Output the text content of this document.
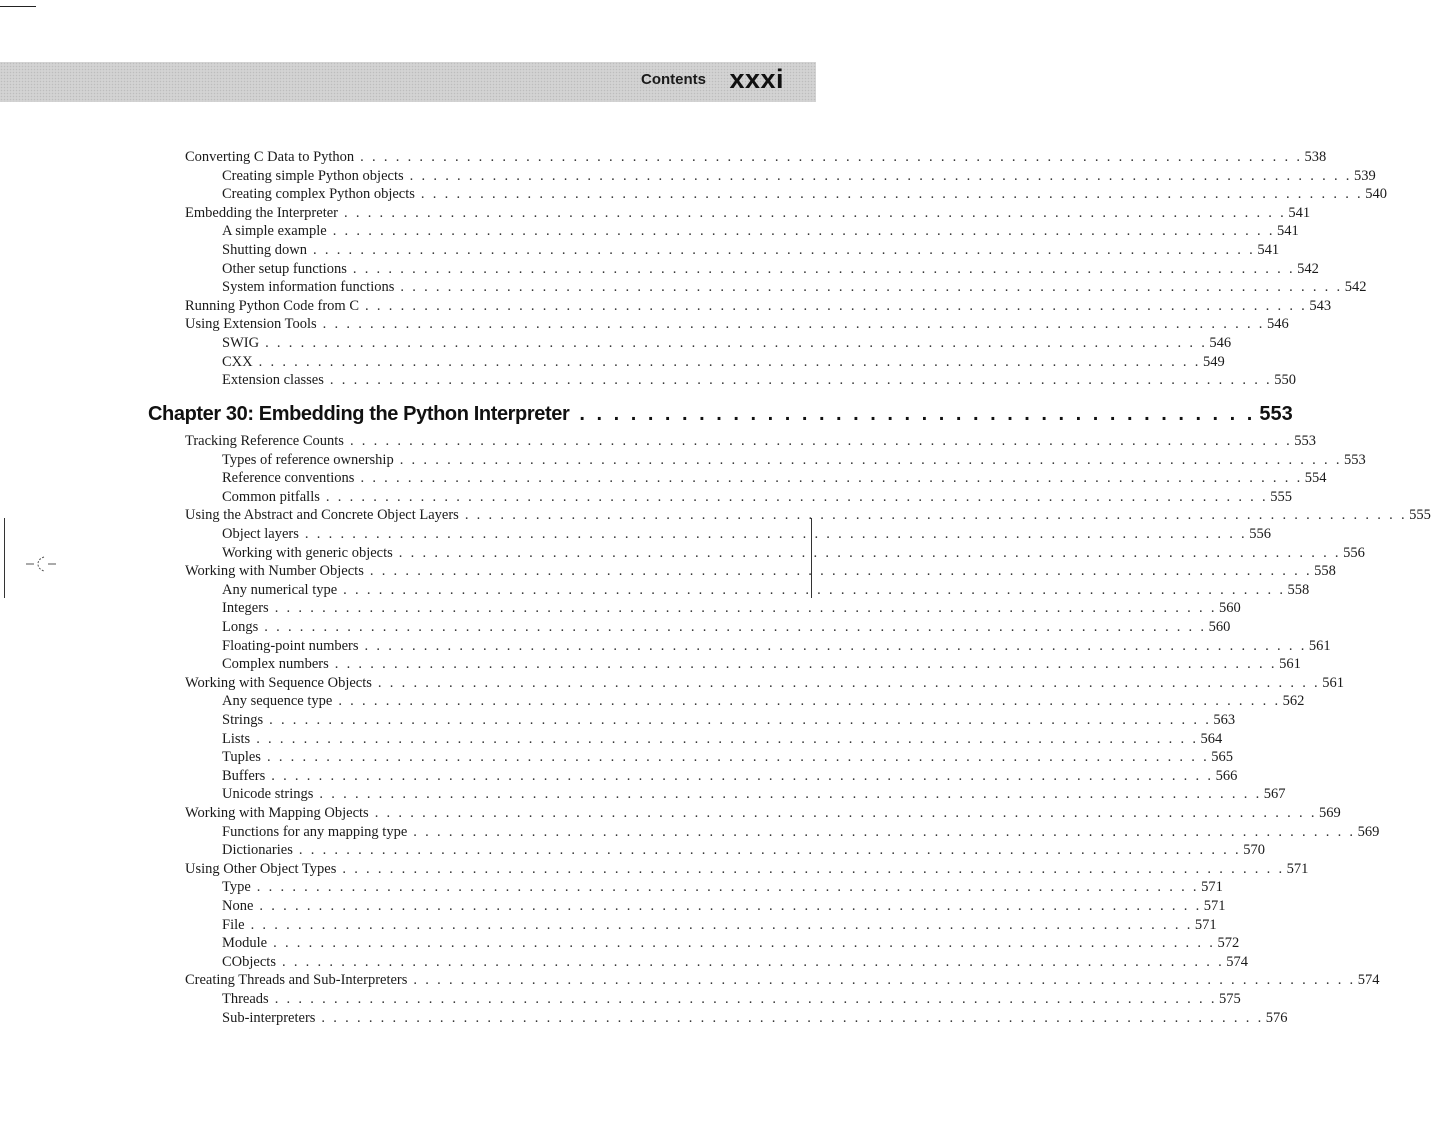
Contents xxxi
Converting C Data to Python . . . . . . . . . . . . . . . . . . . . . . . . . . . . . . . . . . . . . . . . . . . . . . . . . . . . . . . . . . . . . . . . . . . . . . . . . . . . . . . . 538
Creating simple Python objects . . . . . . . . . . . . . . . . . . . . . . . . . . . . . . . . . . . . . . . . . . . . . . . . . . . . . . . . . . . . . . . . . . . . . . . . . . . . . . . . 539
Creating complex Python objects . . . . . . . . . . . . . . . . . . . . . . . . . . . . . . . . . . . . . . . . . . . . . . . . . . . . . . . . . . . . . . . . . . . . . . . . . . . . . . . . 540
Embedding the Interpreter . . . . . . . . . . . . . . . . . . . . . . . . . . . . . . . . . . . . . . . . . . . . . . . . . . . . . . . . . . . . . . . . . . . . . . . . . . . . . . . . 541
A simple example . . . . . . . . . . . . . . . . . . . . . . . . . . . . . . . . . . . . . . . . . . . . . . . . . . . . . . . . . . . . . . . . . . . . . . . . . . . . . . . . 541
Shutting down . . . . . . . . . . . . . . . . . . . . . . . . . . . . . . . . . . . . . . . . . . . . . . . . . . . . . . . . . . . . . . . . . . . . . . . . . . . . . . . . 541
Other setup functions . . . . . . . . . . . . . . . . . . . . . . . . . . . . . . . . . . . . . . . . . . . . . . . . . . . . . . . . . . . . . . . . . . . . . . . . . . . . . . . . 542
System information functions . . . . . . . . . . . . . . . . . . . . . . . . . . . . . . . . . . . . . . . . . . . . . . . . . . . . . . . . . . . . . . . . . . . . . . . . . . . . . . . . 542
Running Python Code from C . . . . . . . . . . . . . . . . . . . . . . . . . . . . . . . . . . . . . . . . . . . . . . . . . . . . . . . . . . . . . . . . . . . . . . . . . . . . . . . . 543
Using Extension Tools . . . . . . . . . . . . . . . . . . . . . . . . . . . . . . . . . . . . . . . . . . . . . . . . . . . . . . . . . . . . . . . . . . . . . . . . . . . . . . . . 546
SWIG . . . . . . . . . . . . . . . . . . . . . . . . . . . . . . . . . . . . . . . . . . . . . . . . . . . . . . . . . . . . . . . . . . . . . . . . . . . . . . . . 546
CXX . . . . . . . . . . . . . . . . . . . . . . . . . . . . . . . . . . . . . . . . . . . . . . . . . . . . . . . . . . . . . . . . . . . . . . . . . . . . . . . . 549
Extension classes . . . . . . . . . . . . . . . . . . . . . . . . . . . . . . . . . . . . . . . . . . . . . . . . . . . . . . . . . . . . . . . . . . . . . . . . . . . . . . . . 550
Tracking Reference Counts . . . . . . . . . . . . . . . . . . . . . . . . . . . . . . . . . . . . . . . . . . . . . . . . . . . . . . . . . . . . . . . . . . . . . . . . . . . . . . . . 553
Types of reference ownership . . . . . . . . . . . . . . . . . . . . . . . . . . . . . . . . . . . . . . . . . . . . . . . . . . . . . . . . . . . . . . . . . . . . . . . . . . . . . . . . 553
Reference conventions . . . . . . . . . . . . . . . . . . . . . . . . . . . . . . . . . . . . . . . . . . . . . . . . . . . . . . . . . . . . . . . . . . . . . . . . . . . . . . . . 554
Common pitfalls . . . . . . . . . . . . . . . . . . . . . . . . . . . . . . . . . . . . . . . . . . . . . . . . . . . . . . . . . . . . . . . . . . . . . . . . . . . . . . . . 555
Using the Abstract and Concrete Object Layers . . . . . . . . . . . . . . . . . . . . . . . . . . . . . . . . . . . . . . . . . . . . . . . . . . . . . . . . . . . . . . . . . . . . . . . . . . . . . . . . 555
Object layers . . . . . . . . . . . . . . . . . . . . . . . . . . . . . . . . . . . . . . . . . . . . . . . . . . . . . . . . . . . . . . . . . . . . . . . . . . . . . . . . 556
Working with generic objects . . . . . . . . . . . . . . . . . . . . . . . . . . . . . . . . . . . . . . . . . . . . . . . . . . . . . . . . . . . . . . . . . . . . . . . . . . . . . . . . 556
Working with Number Objects . . . . . . . . . . . . . . . . . . . . . . . . . . . . . . . . . . . . . . . . . . . . . . . . . . . . . . . . . . . . . . . . . . . . . . . . . . . . . . . . 558
Any numerical type . . . . . . . . . . . . . . . . . . . . . . . . . . . . . . . . . . . . . . . . . . . . . . . . . . . . . . . . . . . . . . . . . . . . . . . . . . . . . . . . 558
Integers . . . . . . . . . . . . . . . . . . . . . . . . . . . . . . . . . . . . . . . . . . . . . . . . . . . . . . . . . . . . . . . . . . . . . . . . . . . . . . . . 560
Longs . . . . . . . . . . . . . . . . . . . . . . . . . . . . . . . . . . . . . . . . . . . . . . . . . . . . . . . . . . . . . . . . . . . . . . . . . . . . . . . . 560
Floating-point numbers . . . . . . . . . . . . . . . . . . . . . . . . . . . . . . . . . . . . . . . . . . . . . . . . . . . . . . . . . . . . . . . . . . . . . . . . . . . . . . . . 561
Complex numbers . . . . . . . . . . . . . . . . . . . . . . . . . . . . . . . . . . . . . . . . . . . . . . . . . . . . . . . . . . . . . . . . . . . . . . . . . . . . . . . . 561
Working with Sequence Objects . . . . . . . . . . . . . . . . . . . . . . . . . . . . . . . . . . . . . . . . . . . . . . . . . . . . . . . . . . . . . . . . . . . . . . . . . . . . . . . . 561
Any sequence type . . . . . . . . . . . . . . . . . . . . . . . . . . . . . . . . . . . . . . . . . . . . . . . . . . . . . . . . . . . . . . . . . . . . . . . . . . . . . . . . 562
Strings . . . . . . . . . . . . . . . . . . . . . . . . . . . . . . . . . . . . . . . . . . . . . . . . . . . . . . . . . . . . . . . . . . . . . . . . . . . . . . . . 563
Lists . . . . . . . . . . . . . . . . . . . . . . . . . . . . . . . . . . . . . . . . . . . . . . . . . . . . . . . . . . . . . . . . . . . . . . . . . . . . . . . . 564
Tuples . . . . . . . . . . . . . . . . . . . . . . . . . . . . . . . . . . . . . . . . . . . . . . . . . . . . . . . . . . . . . . . . . . . . . . . . . . . . . . . . 565
Buffers . . . . . . . . . . . . . . . . . . . . . . . . . . . . . . . . . . . . . . . . . . . . . . . . . . . . . . . . . . . . . . . . . . . . . . . . . . . . . . . . 566
Unicode strings . . . . . . . . . . . . . . . . . . . . . . . . . . . . . . . . . . . . . . . . . . . . . . . . . . . . . . . . . . . . . . . . . . . . . . . . . . . . . . . . 567
Working with Mapping Objects . . . . . . . . . . . . . . . . . . . . . . . . . . . . . . . . . . . . . . . . . . . . . . . . . . . . . . . . . . . . . . . . . . . . . . . . . . . . . . . . 569
Functions for any mapping type . . . . . . . . . . . . . . . . . . . . . . . . . . . . . . . . . . . . . . . . . . . . . . . . . . . . . . . . . . . . . . . . . . . . . . . . . . . . . . . . 569
Dictionaries . . . . . . . . . . . . . . . . . . . . . . . . . . . . . . . . . . . . . . . . . . . . . . . . . . . . . . . . . . . . . . . . . . . . . . . . . . . . . . . . 570
Using Other Object Types . . . . . . . . . . . . . . . . . . . . . . . . . . . . . . . . . . . . . . . . . . . . . . . . . . . . . . . . . . . . . . . . . . . . . . . . . . . . . . . . 571
Type . . . . . . . . . . . . . . . . . . . . . . . . . . . . . . . . . . . . . . . . . . . . . . . . . . . . . . . . . . . . . . . . . . . . . . . . . . . . . . . . 571
None . . . . . . . . . . . . . . . . . . . . . . . . . . . . . . . . . . . . . . . . . . . . . . . . . . . . . . . . . . . . . . . . . . . . . . . . . . . . . . . . 571
File . . . . . . . . . . . . . . . . . . . . . . . . . . . . . . . . . . . . . . . . . . . . . . . . . . . . . . . . . . . . . . . . . . . . . . . . . . . . . . . . 571
Module . . . . . . . . . . . . . . . . . . . . . . . . . . . . . . . . . . . . . . . . . . . . . . . . . . . . . . . . . . . . . . . . . . . . . . . . . . . . . . . . 572
CObjects . . . . . . . . . . . . . . . . . . . . . . . . . . . . . . . . . . . . . . . . . . . . . . . . . . . . . . . . . . . . . . . . . . . . . . . . . . . . . . . . 574
Creating Threads and Sub-Interpreters . . . . . . . . . . . . . . . . . . . . . . . . . . . . . . . . . . . . . . . . . . . . . . . . . . . . . . . . . . . . . . . . . . . . . . . . . . . . . . . . 574
Threads . . . . . . . . . . . . . . . . . . . . . . . . . . . . . . . . . . . . . . . . . . . . . . . . . . . . . . . . . . . . . . . . . . . . . . . . . . . . . . . . 575
Sub-interpreters . . . . . . . . . . . . . . . . . . . . . . . . . . . . . . . . . . . . . . . . . . . . . . . . . . . . . . . . . . . . . . . . . . . . . . . . . . . . . . . . 576
Chapter 30: Embedding the Python Interpreter . . . . . . . . . . . . . . . . . . . . . . . . . . . . . . . . . . . . . . . . 553
